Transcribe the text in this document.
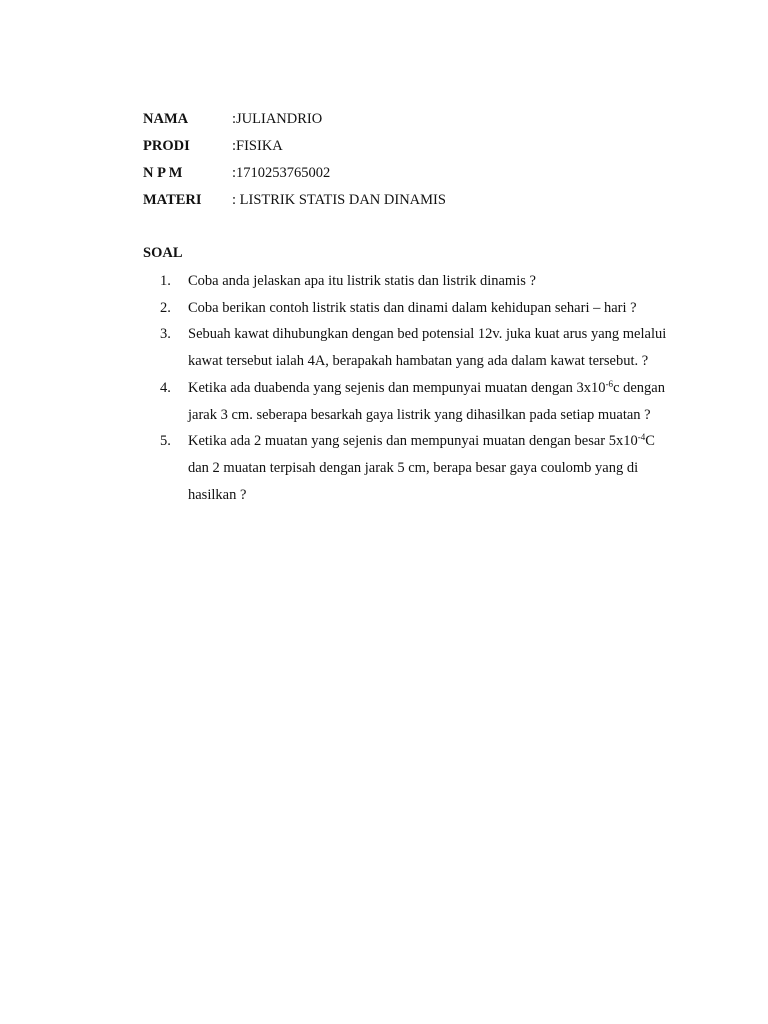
NAMA	:JULIANDRIO
PRODI	:FISIKA
N P M	:1710253765002
MATERI : LISTRIK STATIS DAN DINAMIS
SOAL
1. Coba anda jelaskan apa itu listrik statis dan listrik dinamis ?
2. Coba berikan contoh listrik statis dan dinami dalam kehidupan sehari – hari ?
3. Sebuah kawat dihubungkan dengan bed potensial 12v. juka kuat arus yang melalui kawat tersebut ialah 4A, berapakah hambatan yang ada dalam kawat tersebut. ?
4. Ketika ada duabenda yang sejenis dan mempunyai muatan dengan $3x10^{-6}c$ dengan jarak 3 cm. seberapa besarkah gaya listrik yang dihasilkan pada setiap muatan ?
5. Ketika ada 2 muatan yang sejenis dan mempunyai muatan dengan besar $5x10^{-4}C$ dan 2 muatan terpisah dengan jarak 5 cm, berapa besar gaya coulomb yang di hasilkan ?
